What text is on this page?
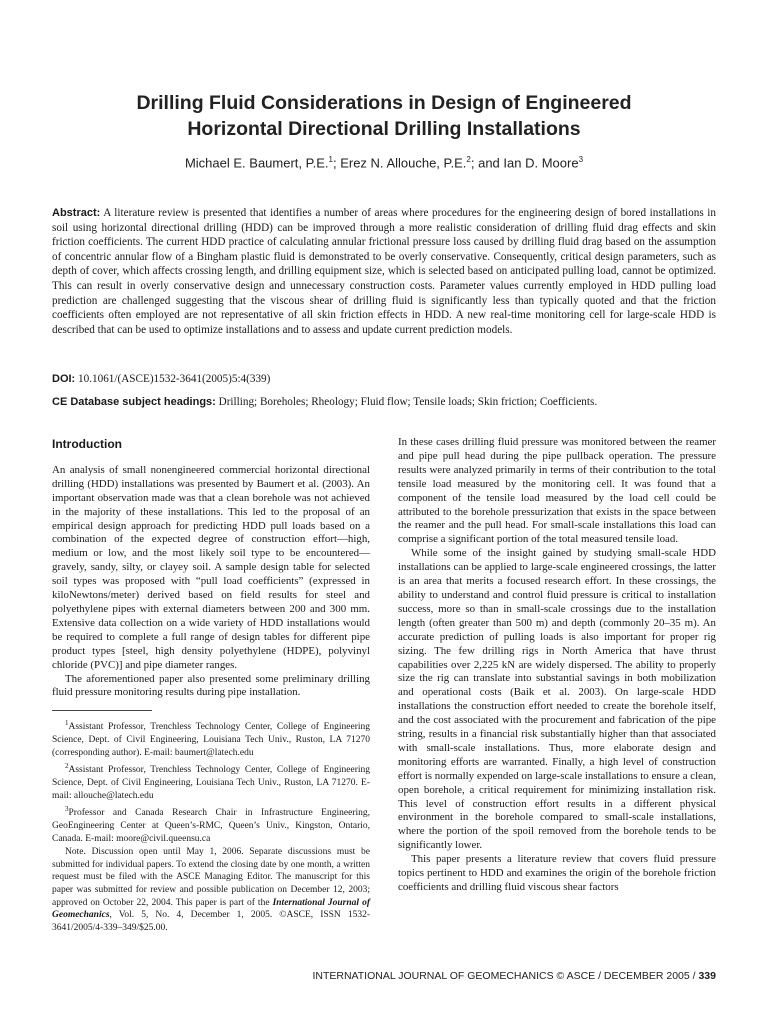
Drilling Fluid Considerations in Design of Engineered
Horizontal Directional Drilling Installations
Michael E. Baumert, P.E.$^1$; Erez N. Allouche, P.E.$^2$; and Ian D. Moore$^3$
Abstract: A literature review is presented that identifies a number of areas where procedures for the engineering design of bored installations in soil using horizontal directional drilling (HDD) can be improved through a more realistic consideration of drilling fluid drag effects and skin friction coefficients. The current HDD practice of calculating annular frictional pressure loss caused by drilling fluid drag based on the assumption of concentric annular flow of a Bingham plastic fluid is demonstrated to be overly conservative. Consequently, critical design parameters, such as depth of cover, which affects crossing length, and drilling equipment size, which is selected based on anticipated pulling load, cannot be optimized. This can result in overly conservative design and unnecessary construction costs. Parameter values currently employed in HDD pulling load prediction are challenged suggesting that the viscous shear of drilling fluid is significantly less than typically quoted and that the friction coefficients often employed are not representative of all skin friction effects in HDD. A new real-time monitoring cell for large-scale HDD is described that can be used to optimize installations and to assess and update current prediction models.
DOI: 10.1061/(ASCE)1532-3641(2005)5:4(339)
CE Database subject headings: Drilling; Boreholes; Rheology; Fluid flow; Tensile loads; Skin friction; Coefficients.
Introduction

An analysis of small nonengineered commercial horizontal directional drilling (HDD) installations was presented by Baumert et al. (2003). An important observation made was that a clean borehole was not achieved in the majority of these installations. This led to the proposal of an empirical design approach for predicting HDD pull loads based on a combination of the expected degree of construction effort—high, medium or low, and the most likely soil type to be encountered—gravely, sandy, silty, or clayey soil. A sample design table for selected soil types was proposed with “pull load coefficients” (expressed in kiloNewtons/meter) derived based on field results for steel and polyethylene pipes with external diameters between 200 and 300 mm. Extensive data collection on a wide variety of HDD installations would be required to complete a full range of design tables for different pipe product types [steel, high density polyethylene (HDPE), polyvinyl chloride (PVC)] and pipe diameter ranges.

The aforementioned paper also presented some preliminary drilling fluid pressure monitoring results during pipe installation.

$^1$Assistant Professor, Trenchless Technology Center, College of Engineering Science, Dept. of Civil Engineering, Louisiana Tech Univ., Ruston, LA 71270 (corresponding author). E-mail: baumert@latech.edu

$^2$Assistant Professor, Trenchless Technology Center, College of Engineering Science, Dept. of Civil Engineering, Louisiana Tech Univ., Ruston, LA 71270. E-mail: allouche@latech.edu

$^3$Professor and Canada Research Chair in Infrastructure Engineering, GeoEngineering Center at Queen’s-RMC, Queen’s Univ., Kingston, Ontario, Canada. E-mail: moore@civil.queensu.ca

Note. Discussion open until May 1, 2006. Separate discussions must be submitted for individual papers. To extend the closing date by one month, a written request must be filed with the ASCE Managing Editor. The manuscript for this paper was submitted for review and possible publication on December 12, 2003; approved on October 22, 2004. This paper is part of the International Journal of Geomechanics, Vol. 5, No. 4, December 1, 2005. ©ASCE, ISSN 1532-3641/2005/4-339–349/$25.00.

In these cases drilling fluid pressure was monitored between the reamer and pipe pull head during the pipe pullback operation. The pressure results were analyzed primarily in terms of their contribution to the total tensile load measured by the monitoring cell. It was found that a component of the tensile load measured by the load cell could be attributed to the borehole pressurization that exists in the space between the reamer and the pull head. For small-scale installations this load can comprise a significant portion of the total measured tensile load.

While some of the insight gained by studying small-scale HDD installations can be applied to large-scale engineered crossings, the latter is an area that merits a focused research effort. In these crossings, the ability to understand and control fluid pressure is critical to installation success, more so than in small-scale crossings due to the installation length (often greater than 500 m) and depth (commonly 20–35 m). An accurate prediction of pulling loads is also important for proper rig sizing. The few drilling rigs in North America that have thrust capabilities over 2,225 kN are widely dispersed. The ability to properly size the rig can translate into substantial savings in both mobilization and operational costs (Baik et al. 2003). On large-scale HDD installations the construction effort needed to create the borehole itself, and the cost associated with the procurement and fabrication of the pipe string, results in a financial risk substantially higher than that associated with small-scale installations. Thus, more elaborate design and monitoring efforts are warranted. Finally, a high level of construction effort is normally expended on large-scale installations to ensure a clean, open borehole, a critical requirement for minimizing installation risk. This level of construction effort results in a different physical environment in the borehole compared to small-scale installations, where the portion of the spoil removed from the borehole tends to be significantly lower.

This paper presents a literature review that covers fluid pressure topics pertinent to HDD and examines the origin of the borehole friction coefficients and drilling fluid viscous shear factors

INTERNATIONAL JOURNAL OF GEOMECHANICS © ASCE / DECEMBER 2005 / 339
